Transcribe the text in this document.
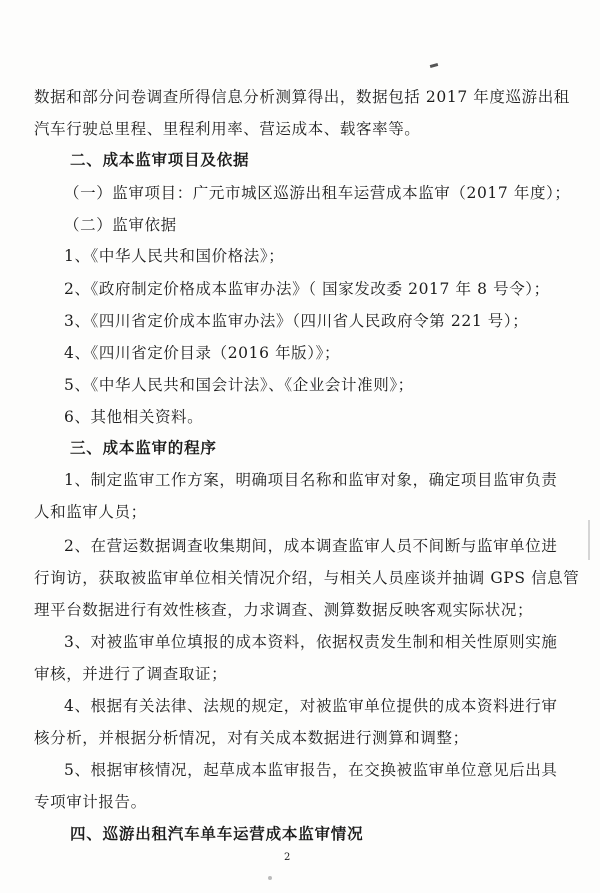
数据和部分问卷调查所得信息分析测算得出，数据包括 2017 年度巡游出租
汽车行驶总里程、里程利用率、营运成本、载客率等。
二、成本监审项目及依据
（一）监审项目：广元市城区巡游出租车运营成本监审（2017 年度）；
（二）监审依据
1、《中华人民共和国价格法》；
2、《政府制定价格成本监审办法》（ 国家发改委 2017 年 8 号令）；
3、《四川省定价成本监审办法》（四川省人民政府令第 221 号）；
4、《四川省定价目录（2016 年版）》；
5、《中华人民共和国会计法》、《企业会计准则》；
6、其他相关资料。
三、成本监审的程序
1、制定监审工作方案，明确项目名称和监审对象，确定项目监审负责
人和监审人员；
2、在营运数据调查收集期间，成本调查监审人员不间断与监审单位进
行询访，获取被监审单位相关情况介绍，与相关人员座谈并抽调 GPS 信息管
理平台数据进行有效性核查，力求调查、测算数据反映客观实际状况；
3、对被监审单位填报的成本资料，依据权责发生制和相关性原则实施
审核，并进行了调查取证；
4、根据有关法律、法规的规定，对被监审单位提供的成本资料进行审
核分析，并根据分析情况，对有关成本数据进行测算和调整；
5、根据审核情况，起草成本监审报告，在交换被监审单位意见后出具
专项审计报告。
四、巡游出租汽车单车运营成本监审情况
2
